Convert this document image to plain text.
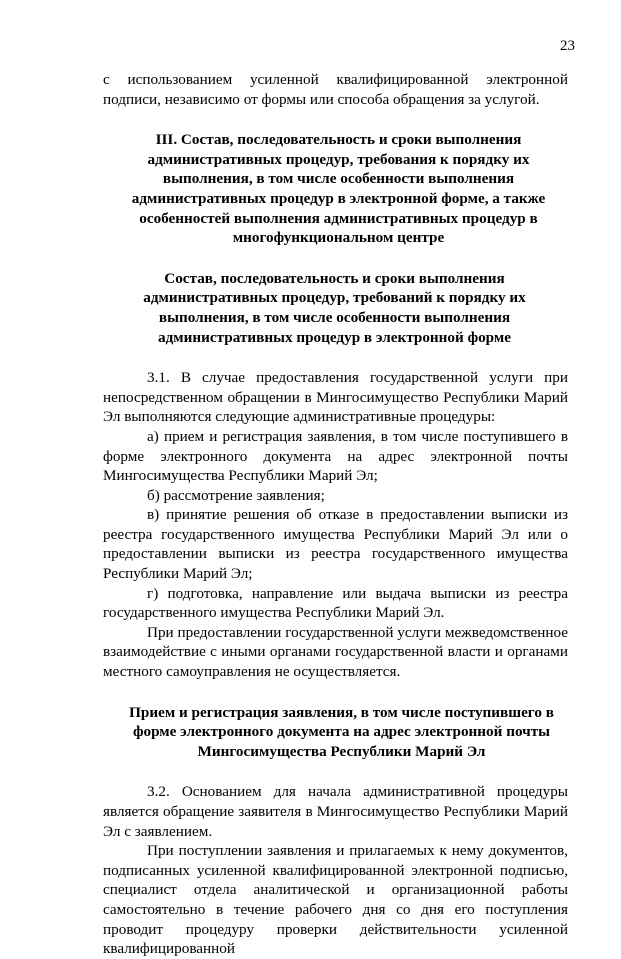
23

с использованием усиленной квалифицированной электронной подписи, независимо от формы или способа обращения за услугой.

III. Состав, последовательность и сроки выполнения административных процедур, требования к порядку их выполнения, в том числе особенности выполнения административных процедур в электронной форме, а также особенностей выполнения административных процедур в многофункциональном центре
Состав, последовательность и сроки выполнения административных процедур, требований к порядку их выполнения, в том числе особенности выполнения административных процедур в электронной форме

3.1. В случае предоставления государственной услуги при непосредственном обращении в Мингосимущество Республики Марий Эл выполняются следующие административные процедуры:

а) прием и регистрация заявления, в том числе поступившего в форме электронного документа на адрес электронной почты Мингосимущества Республики Марий Эл;

б) рассмотрение заявления;

в) принятие решения об отказе в предоставлении выписки из реестра государственного имущества Республики Марий Эл или о предоставлении выписки из реестра государственного имущества Республики Марий Эл;

г) подготовка, направление или выдача выписки из реестра государственного имущества Республики Марий Эл.

При предоставлении государственной услуги межведомственное взаимодействие с иными органами государственной власти и органами местного самоуправления не осуществляется.

Прием и регистрация заявления, в том числе поступившего в форме электронного документа на адрес электронной почты Мингосимущества Республики Марий Эл

3.2. Основанием для начала административной процедуры является обращение заявителя в Мингосимущество Республики Марий Эл с заявлением.

При поступлении заявления и прилагаемых к нему документов, подписанных усиленной квалифицированной электронной подписью, специалист отдела аналитической и организационной работы самостоятельно в течение рабочего дня со дня его поступления проводит процедуру проверки действительности усиленной квалифицированной
